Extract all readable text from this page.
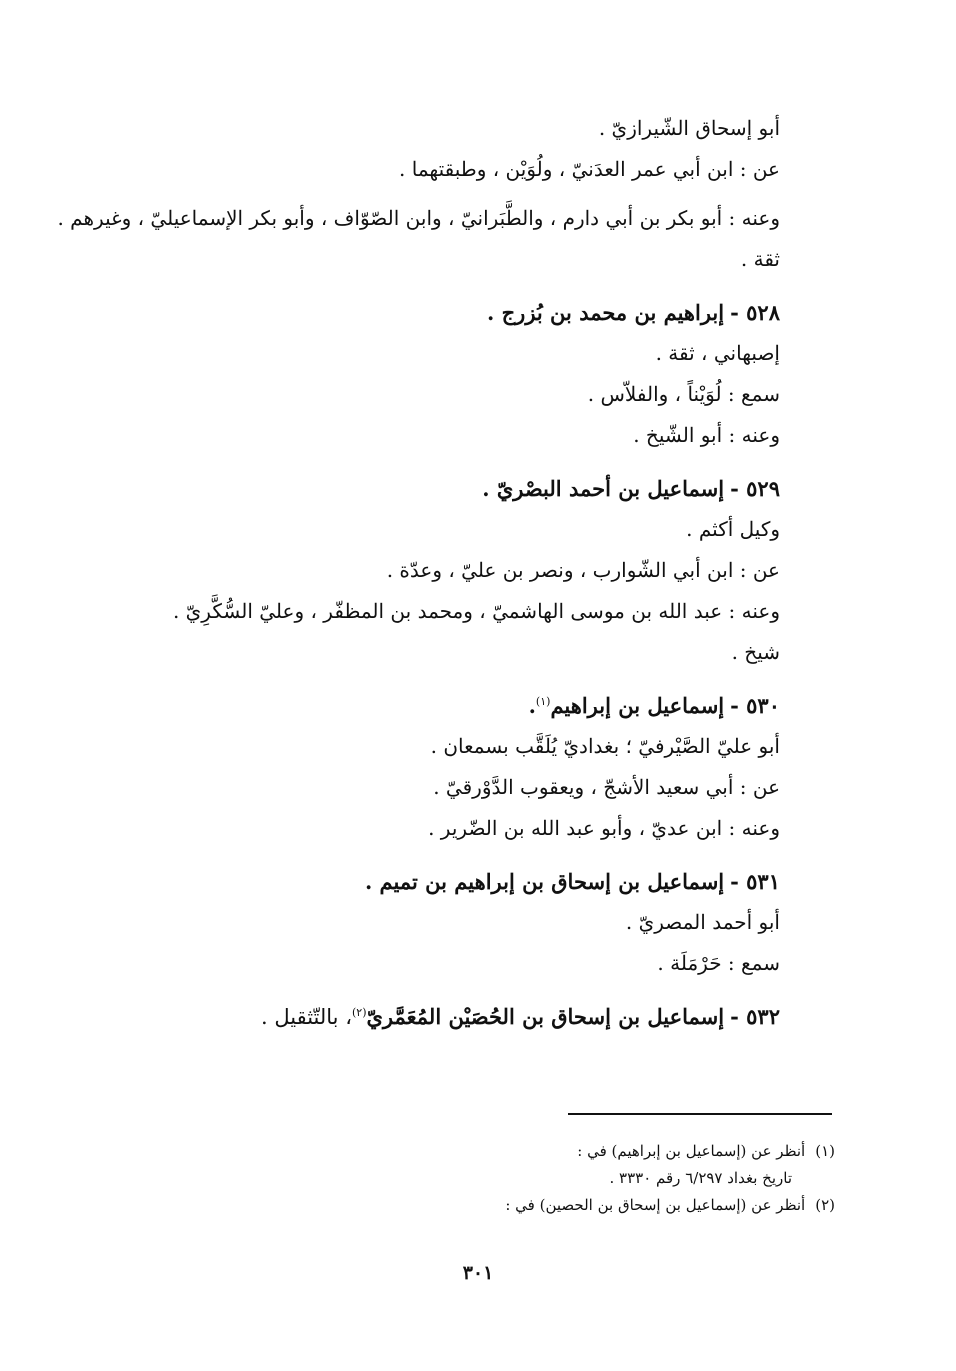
أبو إسحاق الشّيرازيّ .
عن : ابن أبي عمر العدَنيّ ، ولُوَيْن ، وطبقتهما .
وعنه : أبو بكر بن أبي دارم ، والطَّبَرانيّ ، وابن الصّوّاف ، وأبو بكر الإسماعيليّ ، وغيرهم .
ثقة .
٥٢٨ -إبراهيم بن محمد بن بُزرج .
إصبهاني ، ثقة .
سمع : لُوَيْناً ، والفلاّس .
وعنه : أبو الشّيخ .
٥٢٩ -إسماعيل بن أحمد البصْريّ .
وكيل أكثم .
عن : ابن أبي الشّوارب ، ونصر بن عليّ ، وعدّة .
وعنه : عبد الله بن موسى الهاشميّ ، ومحمد بن المظفّر ، وعليّ السُّكَّرِيّ .
شيخ .
٥٣٠ -إسماعيل بن إبراهيم$^{(١)}$.
أبو عليّ الصَّيْرفيّ ؛ بغداديّ يُلَقَّب بسمعان .
عن : أبي سعيد الأشجّ ، ويعقوب الدَّوْرقيّ .
وعنه : ابن عديّ ، وأبو عبد الله بن الضّرير .
٥٣١ -إسماعيل بن إسحاق بن إبراهيم بن تميم .
أبو أحمد المصريّ .
سمع : حَرْمَلَة .
٥٣٢ -إسماعيل بن إسحاق بن الحُصَيْن المُعَمَّريّ$^{(٢)}$، بالتّثقيل .
(١)أنظر عن (إسماعيل بن إبراهيم) في :
تاريخ بغداد ٦/٢٩٧ رقم ٣٣٣٠ .
(٢)أنظر عن (إسماعيل بن إسحاق بن الحصين) في :
٣٠١
